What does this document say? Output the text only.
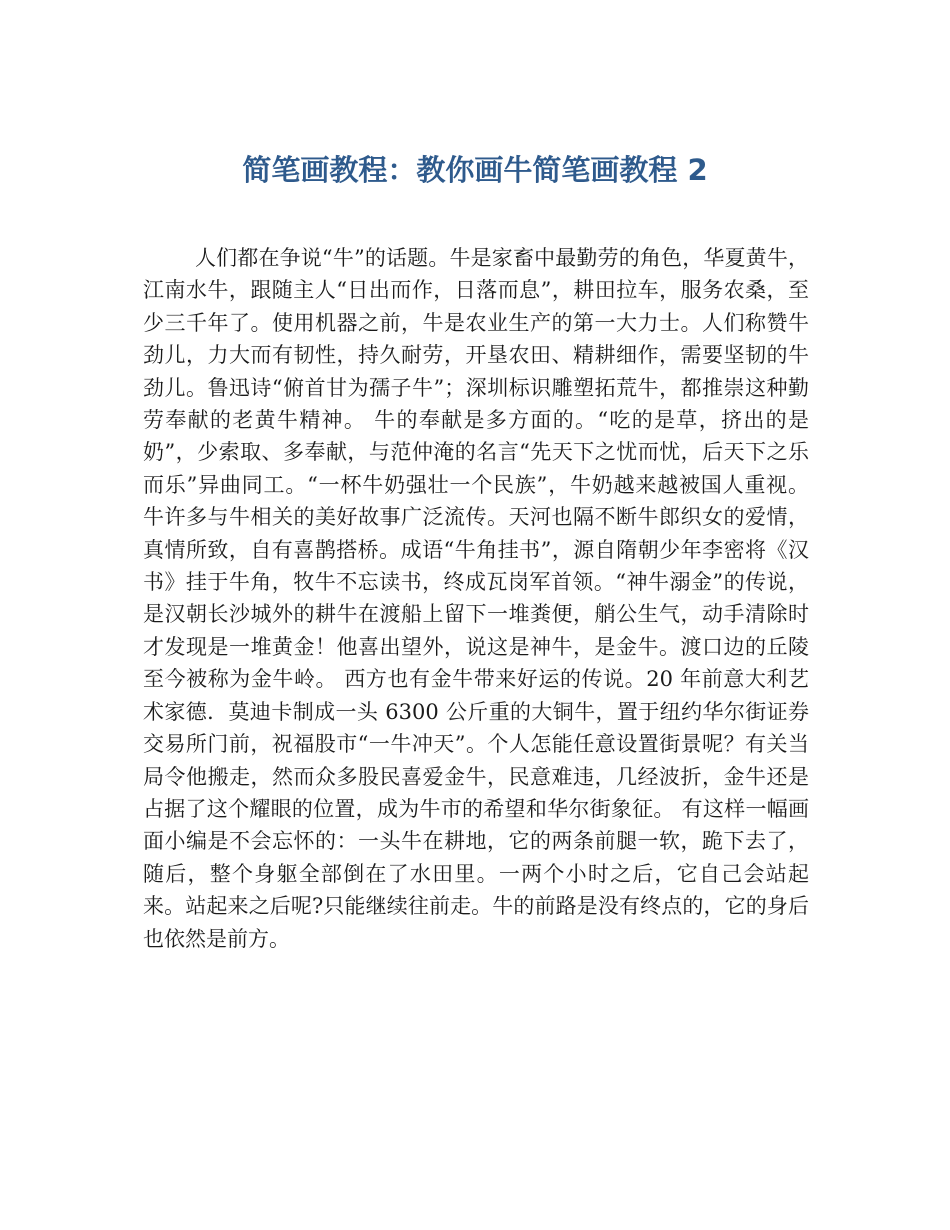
简笔画教程：教你画牛简笔画教程 2

人们都在争说“牛”的话题。牛是家畜中最勤劳的角色，华夏黄牛，江南水牛，跟随主人“日出而作，日落而息”，耕田拉车，服务农桑，至少三千年了。使用机器之前，牛是农业生产的第一大力士。人们称赞牛劲儿，力大而有韧性，持久耐劳，开垦农田、精耕细作，需要坚韧的牛劲儿。鲁迅诗“俯首甘为孺子牛”；深圳标识雕塑拓荒牛，都推崇这种勤劳奉献的老黄牛精神。 牛的奉献是多方面的。“吃的是草，挤出的是奶”，少索取、多奉献，与范仲淹的名言“先天下之忧而忧，后天下之乐而乐”异曲同工。“一杯牛奶强壮一个民族”，牛奶越来越被国人重视。 牛许多与牛相关的美好故事广泛流传。天河也隔不断牛郎织女的爱情，真情所致，自有喜鹊搭桥。成语“牛角挂书”，源自隋朝少年李密将《汉书》挂于牛角，牧牛不忘读书，终成瓦岗军首领。“神牛溺金”的传说，是汉朝长沙城外的耕牛在渡船上留下一堆粪便，艄公生气，动手清除时才发现是一堆黄金！他喜出望外，说这是神牛，是金牛。渡口边的丘陵至今被称为金牛岭。 西方也有金牛带来好运的传说。20 年前意大利艺术家德．莫迪卡制成一头 6300 公斤重的大铜牛，置于纽约华尔街证券交易所门前，祝福股市“一牛冲天”。个人怎能任意设置街景呢？有关当局令他搬走，然而众多股民喜爱金牛，民意难违，几经波折，金牛还是占据了这个耀眼的位置，成为牛市的希望和华尔街象征。 有这样一幅画面小编是不会忘怀的：一头牛在耕地，它的两条前腿一软，跪下去了，随后，整个身躯全部倒在了水田里。一两个小时之后，它自己会站起来。站起来之后呢?只能继续往前走。牛的前路是没有终点的，它的身后也依然是前方。
